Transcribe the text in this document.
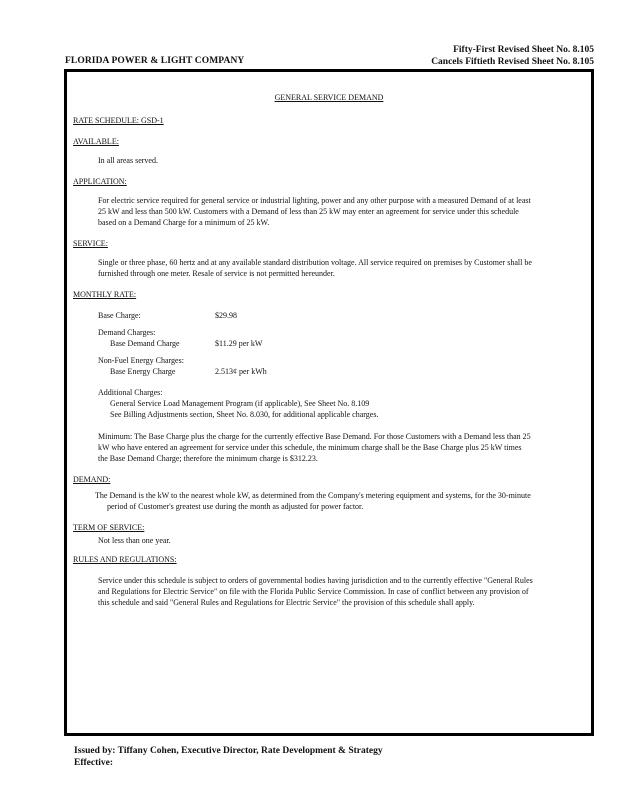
FLORIDA POWER & LIGHT COMPANY
Fifty-First Revised Sheet No. 8.105
Cancels Fiftieth Revised Sheet No. 8.105
GENERAL SERVICE DEMAND
RATE SCHEDULE: GSD-1
AVAILABLE:
In all areas served.
APPLICATION:
For electric service required for general service or industrial lighting, power and any other purpose with a measured Demand of at least
25 kW and less than 500 kW. Customers with a Demand of less than 25 kW may enter an agreement for service under this schedule
based on a Demand Charge for a minimum of 25 kW.
SERVICE:
Single or three phase, 60 hertz and at any available standard distribution voltage. All service required on premises by Customer shall be
furnished through one meter. Resale of service is not permitted hereunder.
MONTHLY RATE:
Base Charge:	$29.98
Demand Charges:
Base Demand Charge	$11.29 per kW
Non-Fuel Energy Charges:
Base Energy Charge	2.513¢ per kWh
Additional Charges:
General Service Load Management Program (if applicable), See Sheet No. 8.109
See Billing Adjustments section, Sheet No. 8.030, for additional applicable charges.
Minimum: The Base Charge plus the charge for the currently effective Base Demand. For those Customers with a Demand less than 25
kW who have entered an agreement for service under this schedule, the minimum charge shall be the Base Charge plus 25 kW times
the Base Demand Charge; therefore the minimum charge is $312.23.
DEMAND:
The Demand is the kW to the nearest whole kW, as determined from the Company's metering equipment and systems, for the 30-minute
period of Customer's greatest use during the month as adjusted for power factor.
TERM OF SERVICE:
Not less than one year.
RULES AND REGULATIONS:
Service under this schedule is subject to orders of governmental bodies having jurisdiction and to the currently effective "General Rules
and Regulations for Electric Service" on file with the Florida Public Service Commission. In case of conflict between any provision of
this schedule and said "General Rules and Regulations for Electric Service" the provision of this schedule shall apply.
Issued by: Tiffany Cohen, Executive Director, Rate Development & Strategy
Effective:
